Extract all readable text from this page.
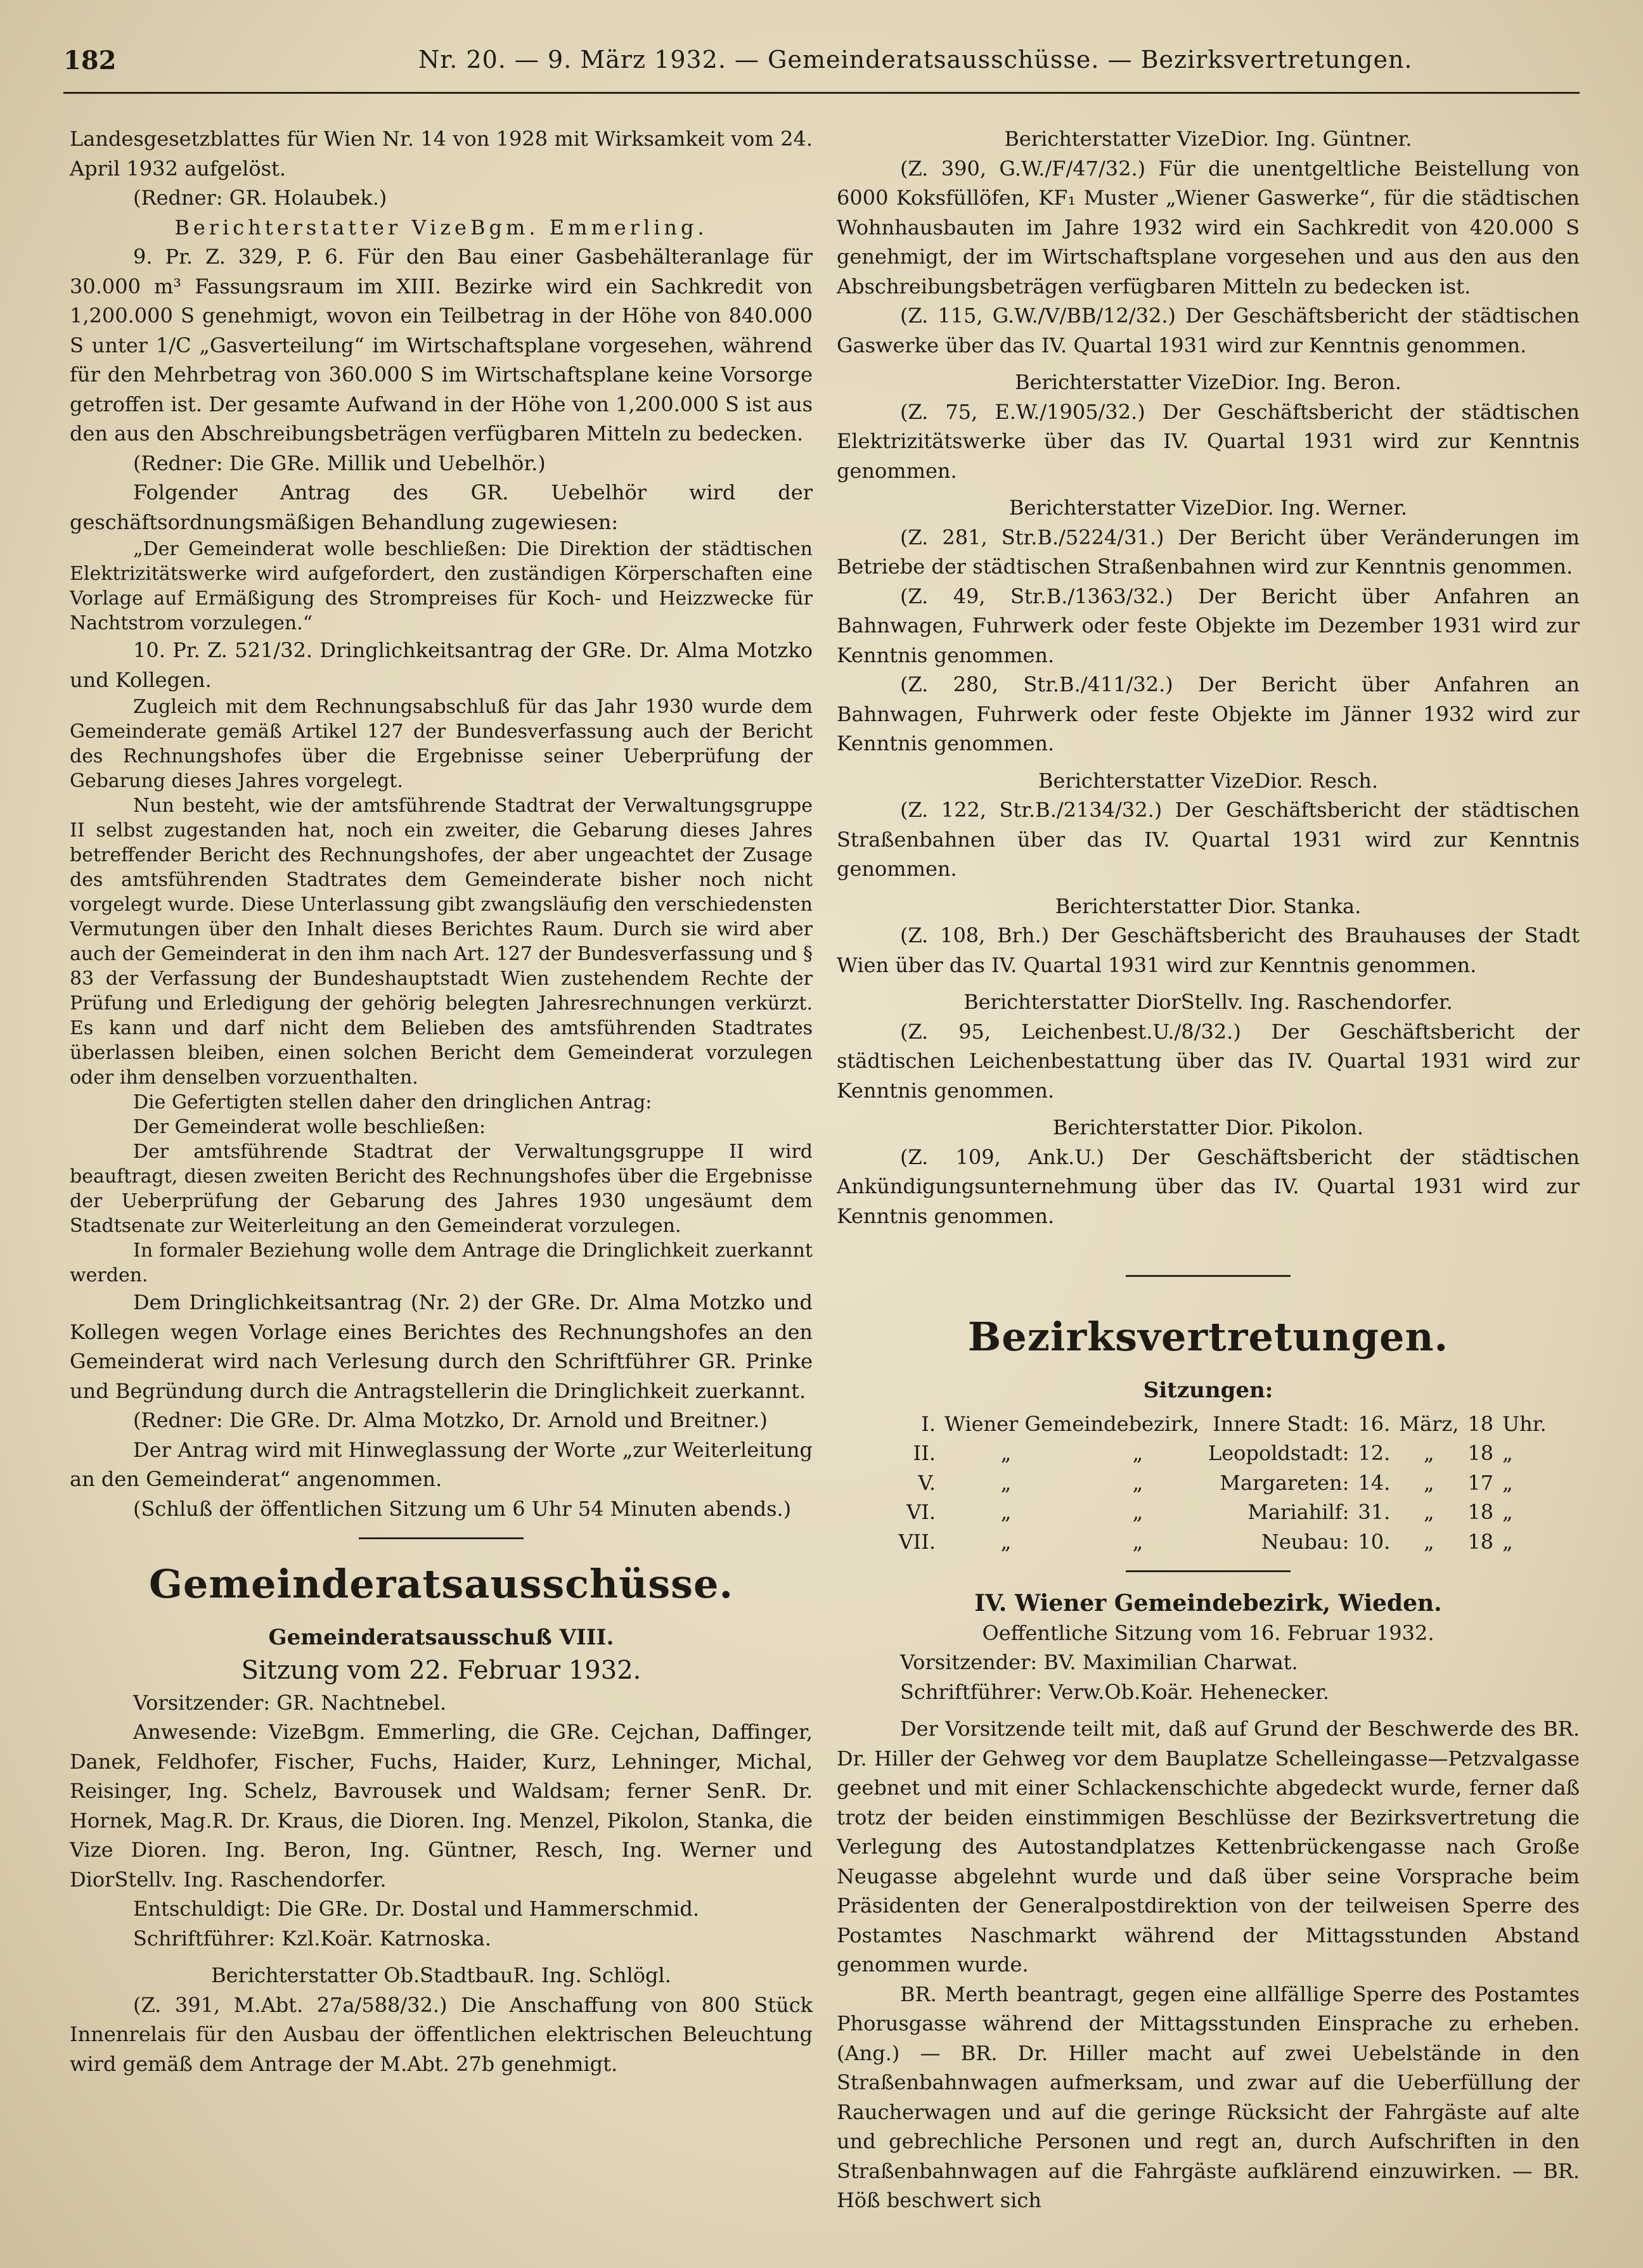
182	Nr. 20. — 9. März 1932. — Gemeinderatsausschüsse. — Bezirksvertretungen.

Landesgesetzblattes für Wien Nr. 14 von 1928 mit Wirksamkeit vom 24. April 1932 aufgelöst.

(Redner: GR. Holaubek.)

Berichterstatter VizeBgm. Emmerling.

9. Pr. Z. 329, P. 6. Für den Bau einer Gasbehälteranlage für 30.000 m³ Fassungsraum im XIII. Bezirke wird ein Sachkredit von 1,200.000 S genehmigt, wovon ein Teilbetrag in der Höhe von 840.000 S unter 1/C „Gasverteilung“ im Wirtschaftsplane vorgesehen, während für den Mehrbetrag von 360.000 S im Wirtschaftsplane keine Vorsorge getroffen ist. Der gesamte Aufwand in der Höhe von 1,200.000 S ist aus den aus den Abschreibungsbeträgen verfügbaren Mitteln zu bedecken.

(Redner: Die GRe. Millik und Uebelhör.)

Folgender Antrag des GR. Uebelhör wird der geschäftsordnungsmäßigen Behandlung zugewiesen:

„Der Gemeinderat wolle beschließen: Die Direktion der städtischen Elektrizitätswerke wird aufgefordert, den zuständigen Körperschaften eine Vorlage auf Ermäßigung des Strompreises für Koch- und Heizzwecke für Nachtstrom vorzulegen.“

10. Pr. Z. 521/32. Dringlichkeitsantrag der GRe. Dr. Alma Motzko und Kollegen.

Zugleich mit dem Rechnungsabschluß für das Jahr 1930 wurde dem Gemeinderate gemäß Artikel 127 der Bundesverfassung auch der Bericht des Rechnungshofes über die Ergebnisse seiner Ueberprüfung der Gebarung dieses Jahres vorgelegt.

Nun besteht, wie der amtsführende Stadtrat der Verwaltungsgruppe II selbst zugestanden hat, noch ein zweiter, die Gebarung dieses Jahres betreffender Bericht des Rechnungshofes, der aber ungeachtet der Zusage des amtsführenden Stadtrates dem Gemeinderate bisher noch nicht vorgelegt wurde. Diese Unterlassung gibt zwangsläufig den verschiedensten Vermutungen über den Inhalt dieses Berichtes Raum. Durch sie wird aber auch der Gemeinderat in den ihm nach Art. 127 der Bundesverfassung und § 83 der Verfassung der Bundeshauptstadt Wien zustehendem Rechte der Prüfung und Erledigung der gehörig belegten Jahresrechnungen verkürzt. Es kann und darf nicht dem Belieben des amtsführenden Stadtrates überlassen bleiben, einen solchen Bericht dem Gemeinderat vorzulegen oder ihm denselben vorzuenthalten.

Die Gefertigten stellen daher den dringlichen Antrag:

Der Gemeinderat wolle beschließen:

Der amtsführende Stadtrat der Verwaltungsgruppe II wird beauftragt, diesen zweiten Bericht des Rechnungshofes über die Ergebnisse der Ueberprüfung der Gebarung des Jahres 1930 ungesäumt dem Stadtsenate zur Weiterleitung an den Gemeinderat vorzulegen.

In formaler Beziehung wolle dem Antrage die Dringlichkeit zuerkannt werden.

Dem Dringlichkeitsantrag (Nr. 2) der GRe. Dr. Alma Motzko und Kollegen wegen Vorlage eines Berichtes des Rechnungshofes an den Gemeinderat wird nach Verlesung durch den Schriftführer GR. Prinke und Begründung durch die Antragstellerin die Dringlichkeit zuerkannt.

(Redner: Die GRe. Dr. Alma Motzko, Dr. Arnold und Breitner.)

Der Antrag wird mit Hinweglassung der Worte „zur Weiterleitung an den Gemeinderat“ angenommen.

(Schluß der öffentlichen Sitzung um 6 Uhr 54 Minuten abends.)

Gemeinderatsausschüsse.

Gemeinderatsausschuß VIII.

Sitzung vom 22. Februar 1932.

Vorsitzender: GR. Nachtnebel.

Anwesende: VizeBgm. Emmerling, die GRe. Cejchan, Daffinger, Danek, Feldhofer, Fischer, Fuchs, Haider, Kurz, Lehninger, Michal, Reisinger, Ing. Schelz, Bavrousek und Waldsam; ferner SenR. Dr. Hornek, Mag.R. Dr. Kraus, die Dioren. Ing. Menzel, Pikolon, Stanka, die Vize Dioren. Ing. Beron, Ing. Güntner, Resch, Ing. Werner und DiorStellv. Ing. Raschendorfer.

Entschuldigt: Die GRe. Dr. Dostal und Hammerschmid.

Schriftführer: Kzl.Koär. Katrnoska.

Berichterstatter Ob.StadtbauR. Ing. Schlögl.

(Z. 391, M.Abt. 27a/588/32.) Die Anschaffung von 800 Stück Innenrelais für den Ausbau der öffentlichen elektrischen Beleuchtung wird gemäß dem Antrage der M.Abt. 27b genehmigt.

Berichterstatter VizeDior. Ing. Güntner.

(Z. 390, G.W./F/47/32.) Für die unentgeltliche Beistellung von 6000 Koksfüllöfen, KF₁ Muster „Wiener Gaswerke“, für die städtischen Wohnhausbauten im Jahre 1932 wird ein Sachkredit von 420.000 S genehmigt, der im Wirtschaftsplane vorgesehen und aus den aus den Abschreibungsbeträgen verfügbaren Mitteln zu bedecken ist.

(Z. 115, G.W./V/BB/12/32.) Der Geschäftsbericht der städtischen Gaswerke über das IV. Quartal 1931 wird zur Kenntnis genommen.

Berichterstatter VizeDior. Ing. Beron.

(Z. 75, E.W./1905/32.) Der Geschäftsbericht der städtischen Elektrizitätswerke über das IV. Quartal 1931 wird zur Kenntnis genommen.

Berichterstatter VizeDior. Ing. Werner.

(Z. 281, Str.B./5224/31.) Der Bericht über Veränderungen im Betriebe der städtischen Straßenbahnen wird zur Kenntnis genommen.

(Z. 49, Str.B./1363/32.) Der Bericht über Anfahren an Bahnwagen, Fuhrwerk oder feste Objekte im Dezember 1931 wird zur Kenntnis genommen.

(Z. 280, Str.B./411/32.) Der Bericht über Anfahren an Bahnwagen, Fuhrwerk oder feste Objekte im Jänner 1932 wird zur Kenntnis genommen.

Berichterstatter VizeDior. Resch.

(Z. 122, Str.B./2134/32.) Der Geschäftsbericht der städtischen Straßenbahnen über das IV. Quartal 1931 wird zur Kenntnis genommen.

Berichterstatter Dior. Stanka.

(Z. 108, Brh.) Der Geschäftsbericht des Brauhauses der Stadt Wien über das IV. Quartal 1931 wird zur Kenntnis genommen.

Berichterstatter DiorStellv. Ing. Raschendorfer.

(Z. 95, Leichenbest.U./8/32.) Der Geschäftsbericht der städtischen Leichenbestattung über das IV. Quartal 1931 wird zur Kenntnis genommen.

Berichterstatter Dior. Pikolon.

(Z. 109, Ank.U.) Der Geschäftsbericht der städtischen Ankündigungsunternehmung über das IV. Quartal 1931 wird zur Kenntnis genommen.

Bezirksvertretungen.

Sitzungen:

I.	Wiener Gemeindebezirk,		Innere Stadt:	16.	März,	18	Uhr.
II.	„	„	Leopoldstadt:	12.	„	18	„
V.	„	„	Margareten:	14.	„	17	„
VI.	„	„	Mariahilf:	31.	„	18	„
VII.	„	„	Neubau:	10.	„	18	„

IV. Wiener Gemeindebezirk, Wieden.

Oeffentliche Sitzung vom 16. Februar 1932.

Vorsitzender: BV. Maximilian Charwat.

Schriftführer: Verw.Ob.Koär. Hehenecker.

Der Vorsitzende teilt mit, daß auf Grund der Beschwerde des BR. Dr. Hiller der Gehweg vor dem Bauplatze Schelleingasse—Petzvalgasse geebnet und mit einer Schlackenschichte abgedeckt wurde, ferner daß trotz der beiden einstimmigen Beschlüsse der Bezirksvertretung die Verlegung des Autostandplatzes Kettenbrückengasse nach Große Neugasse abgelehnt wurde und daß über seine Vorsprache beim Präsidenten der Generalpostdirektion von der teilweisen Sperre des Postamtes Naschmarkt während der Mittagsstunden Abstand genommen wurde.

BR. Merth beantragt, gegen eine allfällige Sperre des Postamtes Phorusgasse während der Mittagsstunden Einsprache zu erheben. (Ang.) — BR. Dr. Hiller macht auf zwei Uebelstände in den Straßenbahnwagen aufmerksam, und zwar auf die Ueberfüllung der Raucherwagen und auf die geringe Rücksicht der Fahrgäste auf alte und gebrechliche Personen und regt an, durch Aufschriften in den Straßenbahnwagen auf die Fahrgäste aufklärend einzuwirken. — BR. Höß beschwert sich
